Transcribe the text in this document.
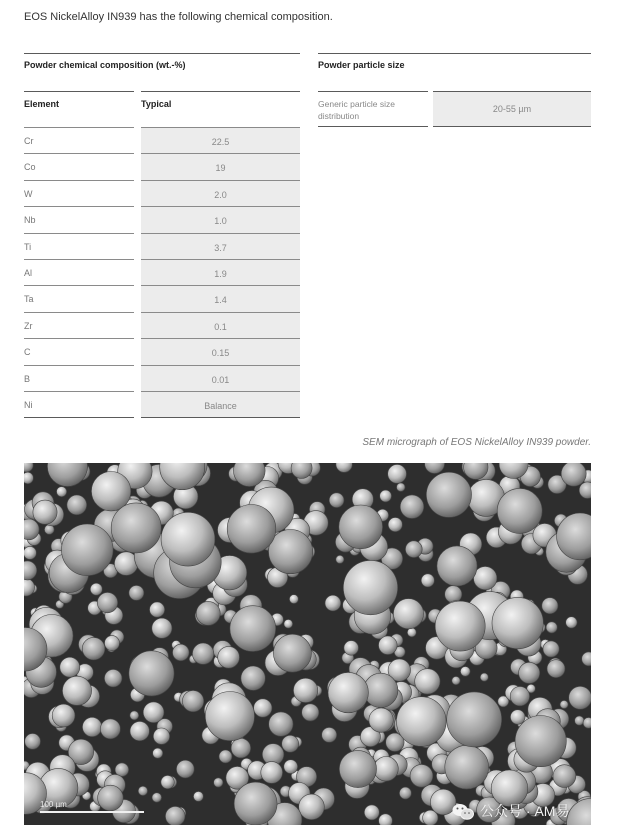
EOS NickelAlloy IN939 has the following chemical composition.
Powder chemical composition (wt.-%)
Element	Typical
Cr	22.5
Co	19
W	2.0
Nb	1.0
Ti	3.7
Al	1.9
Ta	1.4
Zr	0.1
C	0.15
B	0.01
Ni	Balance
Powder particle size
Generic particle size distribution
20-55 µm
SEM micrograph of EOS NickelAlloy IN939 powder.
100 µm	公众号 · AM易
